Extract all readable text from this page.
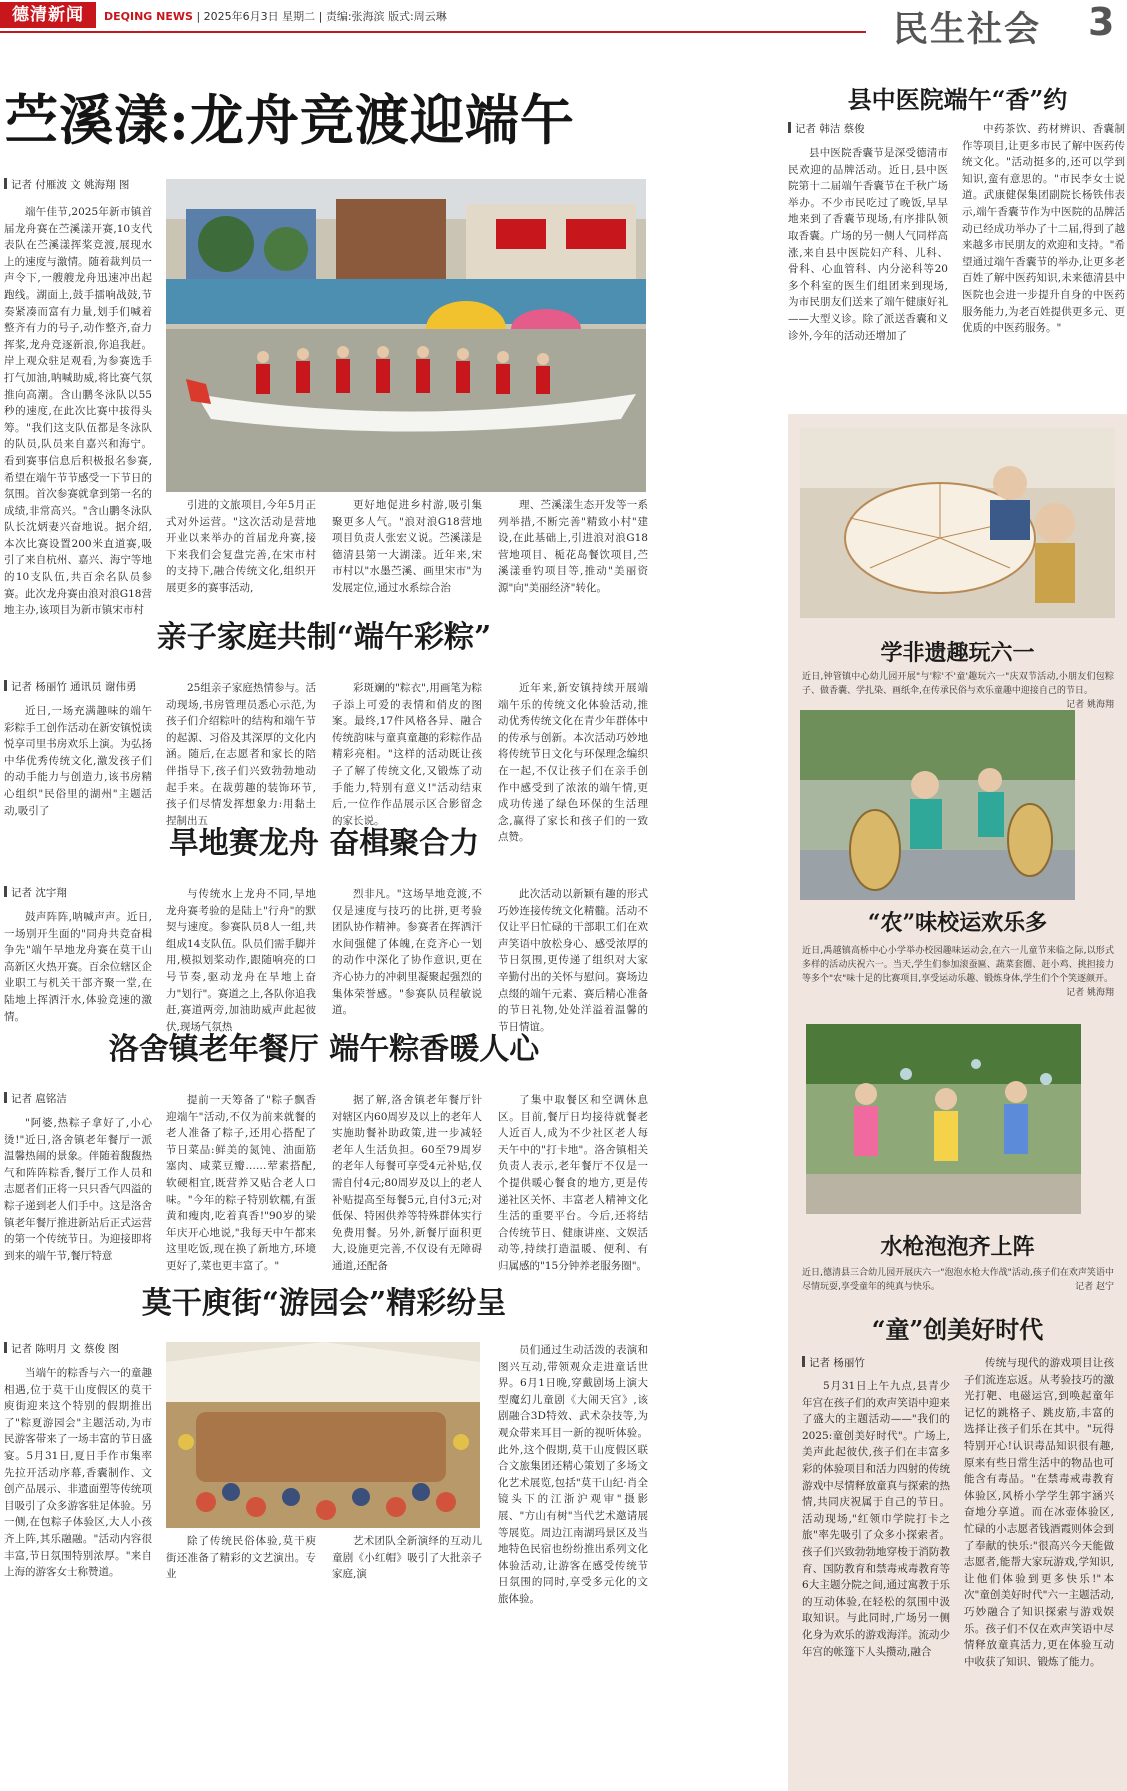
德清新闻	DEQING NEWS | 2025年6月3日 星期二 | 责编:张海滨 版式:周云琳	民生社会 3
苎溪漾:龙舟竞渡迎端午
记者 付雁波 文 姚海翔 图

端午佳节,2025年新市镇首届龙舟赛在苎溪漾开赛,10支代表队在苎溪漾挥桨竞渡,展现水上的速度与激情。随着裁判员一声令下,一艘艘龙舟迅速冲出起跑线。湖面上,鼓手擂响战鼓,节奏紧凑而富有力量,划手们喊着整齐有力的号子,动作整齐,奋力挥桨,龙舟竞逐新浪,你追我赶。岸上观众驻足观看,为参赛选手打气加油,呐喊助威,将比赛气氛推向高潮。含山鹏冬泳队以55秒的速度,在此次比赛中拔得头筹。"我们这支队伍都是冬泳队的队员,队员来自嘉兴和海宁。看到赛事信息后积极报名参赛,希望在端午节节感受一下节日的氛围。首次参赛就拿到第一名的成绩,非常高兴。"含山鹏冬泳队队长沈炳妻兴奋地说。据介绍,本次比赛设置200米直道赛,吸引了来自杭州、嘉兴、海宁等地的10支队伍,共百余名队员参赛。此次龙舟赛由浪对浪G18营地主办,该项目为新市镇宋市村

引进的文旅项目,今年5月正式对外运营。"这次活动是营地开业以来举办的首届龙舟赛,接下来我们会复盘完善,在宋市村的支持下,融合传统文化,组织开展更多的赛事活动,

更好地促进乡村游,吸引集聚更多人气。"浪对浪G18营地项目负责人张宏义说。苎溪漾是德清县第一大湖漾。近年来,宋市村以"水墨苎溪、画里宋市"为发展定位,通过水系综合治

理、苎溪漾生态开发等一系列举措,不断完善"精致小村"建设,在此基础上,引进浪对浪G18营地项目、栀花岛餐饮项目,苎溪漾垂钓项目等,推动"美丽资源"向"美丽经济"转化。

亲子家庭共制“端午彩粽”
记者 杨丽竹 通讯员 谢伟勇

近日,一场充满趣味的端午彩粽手工创作活动在新安镇悦读悦享司里书房欢乐上演。为弘扬中华优秀传统文化,激发孩子们的动手能力与创造力,该书房精心组织"民俗里的湖州"主题活动,吸引了

25组亲子家庭热情参与。活动现场,书房管理员悉心示范,为孩子们介绍粽叶的结构和端午节的起源、习俗及其深厚的文化内涵。随后,在志愿者和家长的陪伴指导下,孩子们兴致勃勃地动起手来。在裁剪趣的装饰环节,孩子们尽情发挥想象力:用黏土捏制出五

彩斑斓的"粽衣",用画笔为粽子添上可爱的表情和俏皮的图案。最终,17件风格各异、融合传统韵味与童真童趣的彩粽作品精彩亮相。"这样的活动既让孩子了解了传统文化,又锻炼了动手能力,特别有意义!"活动结束后,一位作作品展示区合影留念的家长说。

近年来,新安镇持续开展端端午乐的传统文化体验活动,推动优秀传统文化在青少年群体中的传承与创新。本次活动巧妙地将传统节日文化与环保理念编织在一起,不仅让孩子们在亲手创作中感受到了浓浓的端午情,更成功传递了绿色环保的生活理念,赢得了家长和孩子们的一致点赞。

旱地赛龙舟 奋楫聚合力
记者 沈宇翔

鼓声阵阵,呐喊声声。近日,一场别开生面的"同舟共竞奋楫争先"端午旱地龙舟赛在莫干山高新区火热开赛。百余位辖区企业职工与机关干部齐聚一堂,在陆地上挥洒汗水,体验竞速的激情。

与传统水上龙舟不同,旱地龙舟赛考验的是陆上"行舟"的默契与速度。参赛队员8人一组,共组成14支队伍。队员们需手脚并用,模拟划桨动作,跟随响亮的口号节奏,驱动龙舟在旱地上奋力"划行"。赛道之上,各队你追我赶,赛道两旁,加油助威声此起彼伏,现场气氛热

烈非凡。"这场旱地竞渡,不仅是速度与技巧的比拼,更考验团队协作精神。参赛者在挥洒汗水间强健了体魄,在竞齐心一划的动作中深化了协作意识,更在齐心协力的冲刺里凝聚起强烈的集体荣誉感。"参赛队员程敏说道。

此次活动以新颖有趣的形式巧妙连接传统文化精髓。活动不仅让平日忙碌的干部职工们在欢声笑语中放松身心、感受浓厚的节日氛围,更传递了组织对大家辛勤付出的关怀与慰问。赛场边点缀的端午元素、赛后精心准备的节日礼物,处处洋溢着温馨的节日情谊。

洛舍镇老年餐厅 端午粽香暖人心
记者 扈铭洁

"阿婆,热粽子拿好了,小心烫!"近日,洛舍镇老年餐厅一派温馨热闹的景象。伴随着馥馥热气和阵阵粽香,餐厅工作人员和志愿者们正将一只只香气四溢的粽子递到老人们手中。这是洛舍镇老年餐厅推进新站后正式运营的第一个传统节日。为迎接即将到来的端午节,餐厅特意

提前一天筹备了"粽子飘香迎端午"活动,不仅为前来就餐的老人准备了粽子,还用心搭配了节日菜品:鲜美的氮饨、油面筋塞肉、咸菜豆瓣……荤素搭配,软硬相宜,既营养又贴合老人口味。"今年的粽子特别软糯,有蛋黄和瘦肉,吃着真香!"90岁的梁年庆开心地说,"我每天中午都来这里吃饭,现在换了新地方,环境更好了,菜也更丰富了。"

据了解,洛舍镇老年餐厅针对辖区内60周岁及以上的老年人实施助餐补助政策,进一步减轻老年人生活负担。60至79周岁的老年人每餐可享受4元补贴,仅需自付4元;80周岁及以上的老人补贴提高至每餐5元,自付3元;对低保、特困供养等特殊群体实行免费用餐。另外,新餐厅面积更大,设施更完善,不仅设有无障碍通道,还配备

了集中取餐区和空调休息区。目前,餐厅日均接待就餐老人近百人,成为不少社区老人每天午中的"打卡地"。洛舍镇相关负责人表示,老年餐厅不仅是一个提供暖心餐食的地方,更是传递社区关怀、丰富老人精神文化生活的重要平台。今后,还将结合传统节日、健康讲座、文娱活动等,持续打造温暖、便利、有归属感的"15分钟养老服务圈"。

莫干庾街“游园会”精彩纷呈
记者 陈明月 文 蔡俊 图

当端午的粽香与六一的童趣相遇,位于莫干山度假区的莫干庾街迎来这个特别的假期推出了"粽夏游园会"主题活动,为市民游客带来了一场丰富的节日盛宴。5月31日,夏日手作市集率先拉开活动序幕,香囊制作、文创产品展示、非遗面塑等传统项目吸引了众多游客驻足体验。另一侧,在包粽子体验区,大人小孩齐上阵,其乐融融。"活动内容很丰富,节日氛围特别浓厚。"来自上海的游客女士称赞道。

除了传统民俗体验,莫干庾街还准备了精彩的文艺演出。专业

艺术团队全新演绎的互动儿童剧《小红帽》吸引了大批亲子家庭,演

员们通过生动活泼的表演和图兴互动,带领观众走进童话世界。6月1日晚,穿戴剧场上演大型魔幻儿童剧《大闹天宫》,该剧融合3D特效、武术杂技等,为观众带来耳目一新的视听体验。此外,这个假期,莫干山度假区联合文旅集团还精心策划了多场文化艺术展览,包括"莫干山纪·肖全镜头下的江浙沪观审"摄影展、"方山有树"当代艺术邀请展等展览。周边江南湖玛景区及当地特色民宿也纷纷推出系列文化体验活动,让游客在感受传统节日氛围的同时,享受多元化的文旅体验。

县中医院端午“香”约
记者 韩洁 蔡俊

县中医院香囊节是深受德清市民欢迎的品牌活动。近日,县中医院第十二届端午香囊节在千秋广场举办。不少市民吃过了晚饭,早早地来到了香囊节现场,有序排队领取香囊。广场的另一侧人气同样高涨,来自县中医院妇产科、儿科、骨科、心血管科、内分泌科等20多个科室的医生们组团来到现场,为市民朋友们送来了端午健康好礼——大型义诊。除了派送香囊和义诊外,今年的活动还增加了

中药茶饮、药材辨识、香囊制作等项目,让更多市民了解中医药传统文化。"活动挺多的,还可以学到知识,蛮有意思的。"市民李女士说道。武康健保集团副院长杨铁伟表示,端午香囊节作为中医院的品牌活动已经成功举办了十二届,得到了越来越多市民朋友的欢迎和支持。"希望通过端午香囊节的举办,让更多老百姓了解中医药知识,未来德清县中医院也会进一步提升自身的中医药服务能力,为老百姓提供更多元、更优质的中医药服务。"

学非遗趣玩六一
近日,钟管镇中心幼儿园开展"与'粽'不'童'趣玩六一"庆双节活动,小朋友们包粽子、做香囊、学扎染、画纸伞,在传承民俗与欢乐童趣中迎接自己的节日。
记者 姚海翔
“农”味校运欢乐多
近日,禹越镇高桥中心小学举办校园趣味运动会,在六一儿童节来临之际,以形式多样的活动庆祝六一。当天,学生们参加滚蚕匾、蔬菜套圈、赶小鸡、挑担接力等多个"农"味十足的比赛项目,享受运动乐趣、锻炼身体,学生们个个笑逐颜开。
记者 姚海翔
水枪泡泡齐上阵
近日,德清县三合幼儿园开展庆六一"泡泡水枪大作战"活动,孩子们在欢声笑语中尽情玩耍,享受童年的纯真与快乐。	记者 赵宁
“童”创美好时代
记者 杨丽竹

5月31日上午九点,县青少年宫在孩子们的欢声笑语中迎来了盛大的主题活动——"我们的2025:童创美好时代"。广场上,美声此起彼伏,孩子们在丰富多彩的体验项目和活力四射的传统游戏中尽情释放童真与探索的热情,共同庆祝属于自己的节日。活动现场,"红领巾学院打卡之旅"率先吸引了众多小探索者。孩子们兴致勃勃地穿梭于消防教育、国防教育和禁毒戒毒教育等6大主题分院之间,通过寓教于乐的互动体验,在轻松的氛围中汲取知识。与此同时,广场另一侧化身为欢乐的游戏海洋。流动少年宫的帐篷下人头攒动,融合

传统与现代的游戏项目让孩子们流连忘返。从考验技巧的激光打靶、电磁运宫,到唤起童年记忆的跳格子、跳皮筋,丰富的选择让孩子们乐在其中。"玩得特别开心!认识毒品知识很有趣,原来有些日常生活中的物品也可能含有毒品。"在禁毒戒毒教育体验区,风桥小学学生郭宇涵兴奋地分享道。而在冰壶体验区,忙碌的小志愿者钱酒霞则体会到了奉献的快乐:"很高兴今天能做志愿者,能帮大家玩游戏,学知识,让他们体验到更多快乐!"本次"童创美好时代"六一主题活动,巧妙融合了知识探索与游戏娱乐。孩子们不仅在欢声笑语中尽情释放童真活力,更在体验互动中收获了知识、锻炼了能力。
